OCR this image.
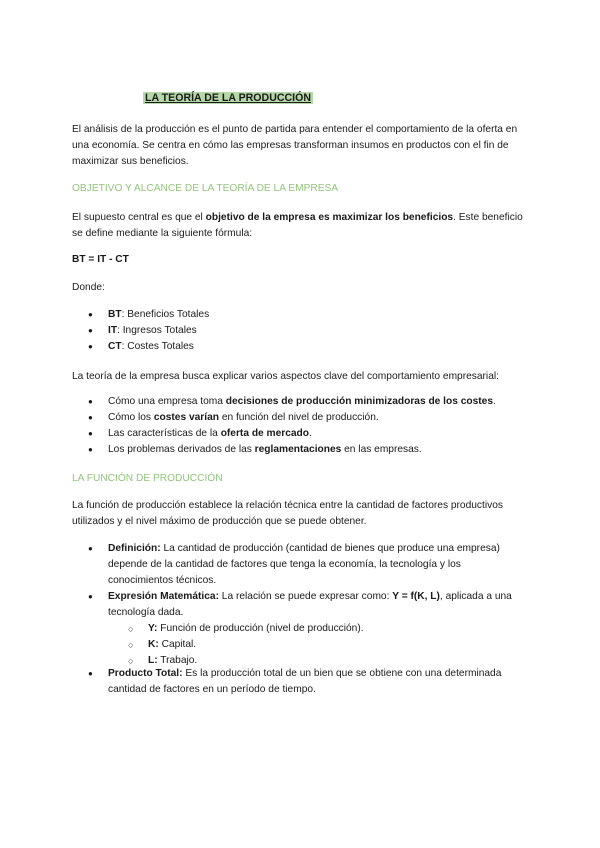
LA TEORÍA DE LA PRODUCCIÓN

El análisis de la producción es el punto de partida para entender el comportamiento de la oferta en una economía. Se centra en cómo las empresas transforman insumos en productos con el fin de maximizar sus beneficios.

OBJETIVO Y ALCANCE DE LA TEORÍA DE LA EMPRESA

El supuesto central es que el objetivo de la empresa es maximizar los beneficios. Este beneficio se define mediante la siguiente fórmula:

BT = IT - CT

Donde:

● BT: Beneficios Totales
● IT: Ingresos Totales
● CT: Costes Totales

La teoría de la empresa busca explicar varios aspectos clave del comportamiento empresarial:

● Cómo una empresa toma decisiones de producción minimizadoras de los costes.
● Cómo los costes varían en función del nivel de producción.
● Las características de la oferta de mercado.
● Los problemas derivados de las reglamentaciones en las empresas.

LA FUNCIÓN DE PRODUCCIÓN

La función de producción establece la relación técnica entre la cantidad de factores productivos utilizados y el nivel máximo de producción que se puede obtener.

● Definición: La cantidad de producción (cantidad de bienes que produce una empresa) depende de la cantidad de factores que tenga la economía, la tecnología y los conocimientos técnicos.
● Expresión Matemática: La relación se puede expresar como: Y = f(K, L), aplicada a una tecnología dada.
○ Y: Función de producción (nivel de producción).
○ K: Capital.
○ L: Trabajo.
● Producto Total: Es la producción total de un bien que se obtiene con una determinada cantidad de factores en un período de tiempo.
